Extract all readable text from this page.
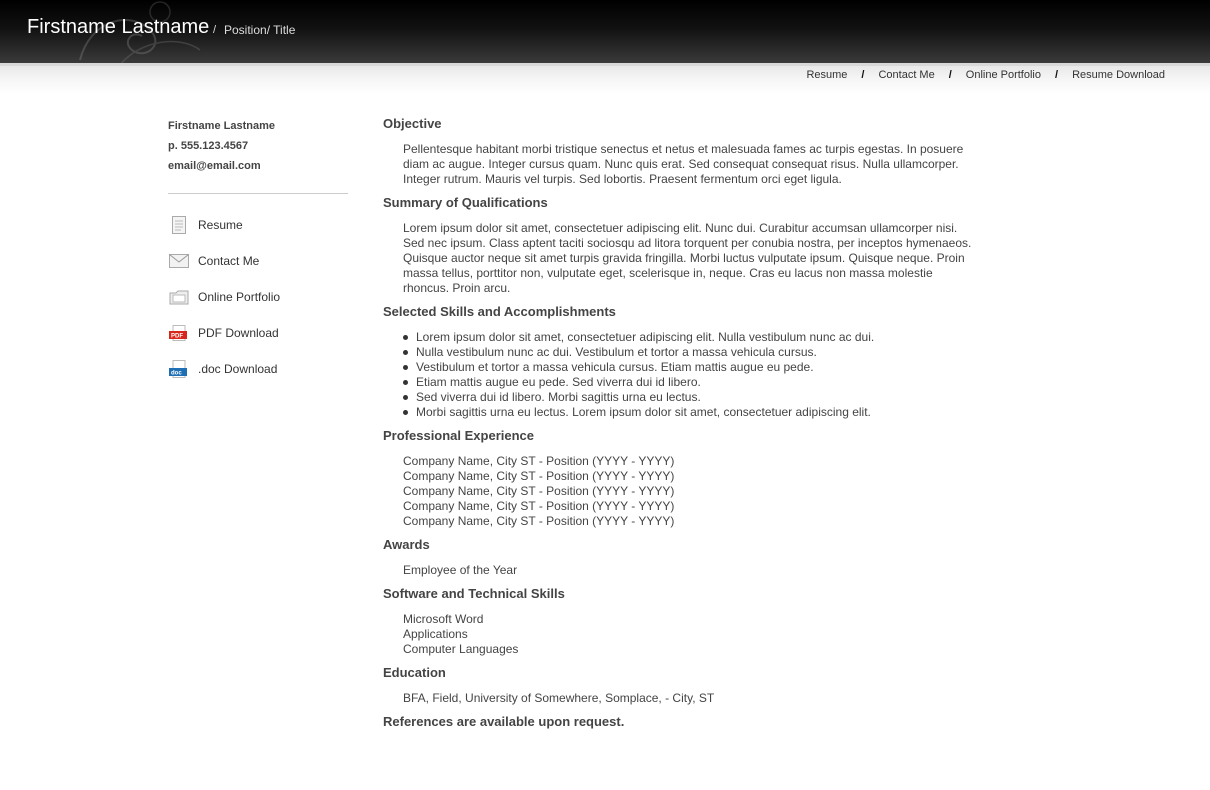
Firstname Lastname / Position/ Title
Resume / Contact Me / Online Portfolio / Resume Download
Firstname Lastname
p. 555.123.4567
email@email.com
Resume
Contact Me
Online Portfolio
PDF PDF Download
doc .doc Download
Objective
Pellentesque habitant morbi tristique senectus et netus et malesuada fames ac turpis egestas. In posuere
diam ac augue. Integer cursus quam. Nunc quis erat. Sed consequat consequat risus. Nulla ullamcorper.
Integer rutrum. Mauris vel turpis. Sed lobortis. Praesent fermentum orci eget ligula.
Summary of Qualifications
Lorem ipsum dolor sit amet, consectetuer adipiscing elit. Nunc dui. Curabitur accumsan ullamcorper nisi.
Sed nec ipsum. Class aptent taciti sociosqu ad litora torquent per conubia nostra, per inceptos hymenaeos.
Quisque auctor neque sit amet turpis gravida fringilla. Morbi luctus vulputate ipsum. Quisque neque. Proin
massa tellus, porttitor non, vulputate eget, scelerisque in, neque. Cras eu lacus non massa molestie
rhoncus. Proin arcu.
Selected Skills and Accomplishments
Lorem ipsum dolor sit amet, consectetuer adipiscing elit. Nulla vestibulum nunc ac dui.
Nulla vestibulum nunc ac dui. Vestibulum et tortor a massa vehicula cursus.
Vestibulum et tortor a massa vehicula cursus. Etiam mattis augue eu pede.
Etiam mattis augue eu pede. Sed viverra dui id libero.
Sed viverra dui id libero. Morbi sagittis urna eu lectus.
Morbi sagittis urna eu lectus. Lorem ipsum dolor sit amet, consectetuer adipiscing elit.
Professional Experience
Company Name, City ST - Position (YYYY - YYYY)
Company Name, City ST - Position (YYYY - YYYY)
Company Name, City ST - Position (YYYY - YYYY)
Company Name, City ST - Position (YYYY - YYYY)
Company Name, City ST - Position (YYYY - YYYY)
Awards
Employee of the Year
Software and Technical Skills
Microsoft Word
Applications
Computer Languages
Education
BFA, Field, University of Somewhere, Somplace, - City, ST
References are available upon request.
